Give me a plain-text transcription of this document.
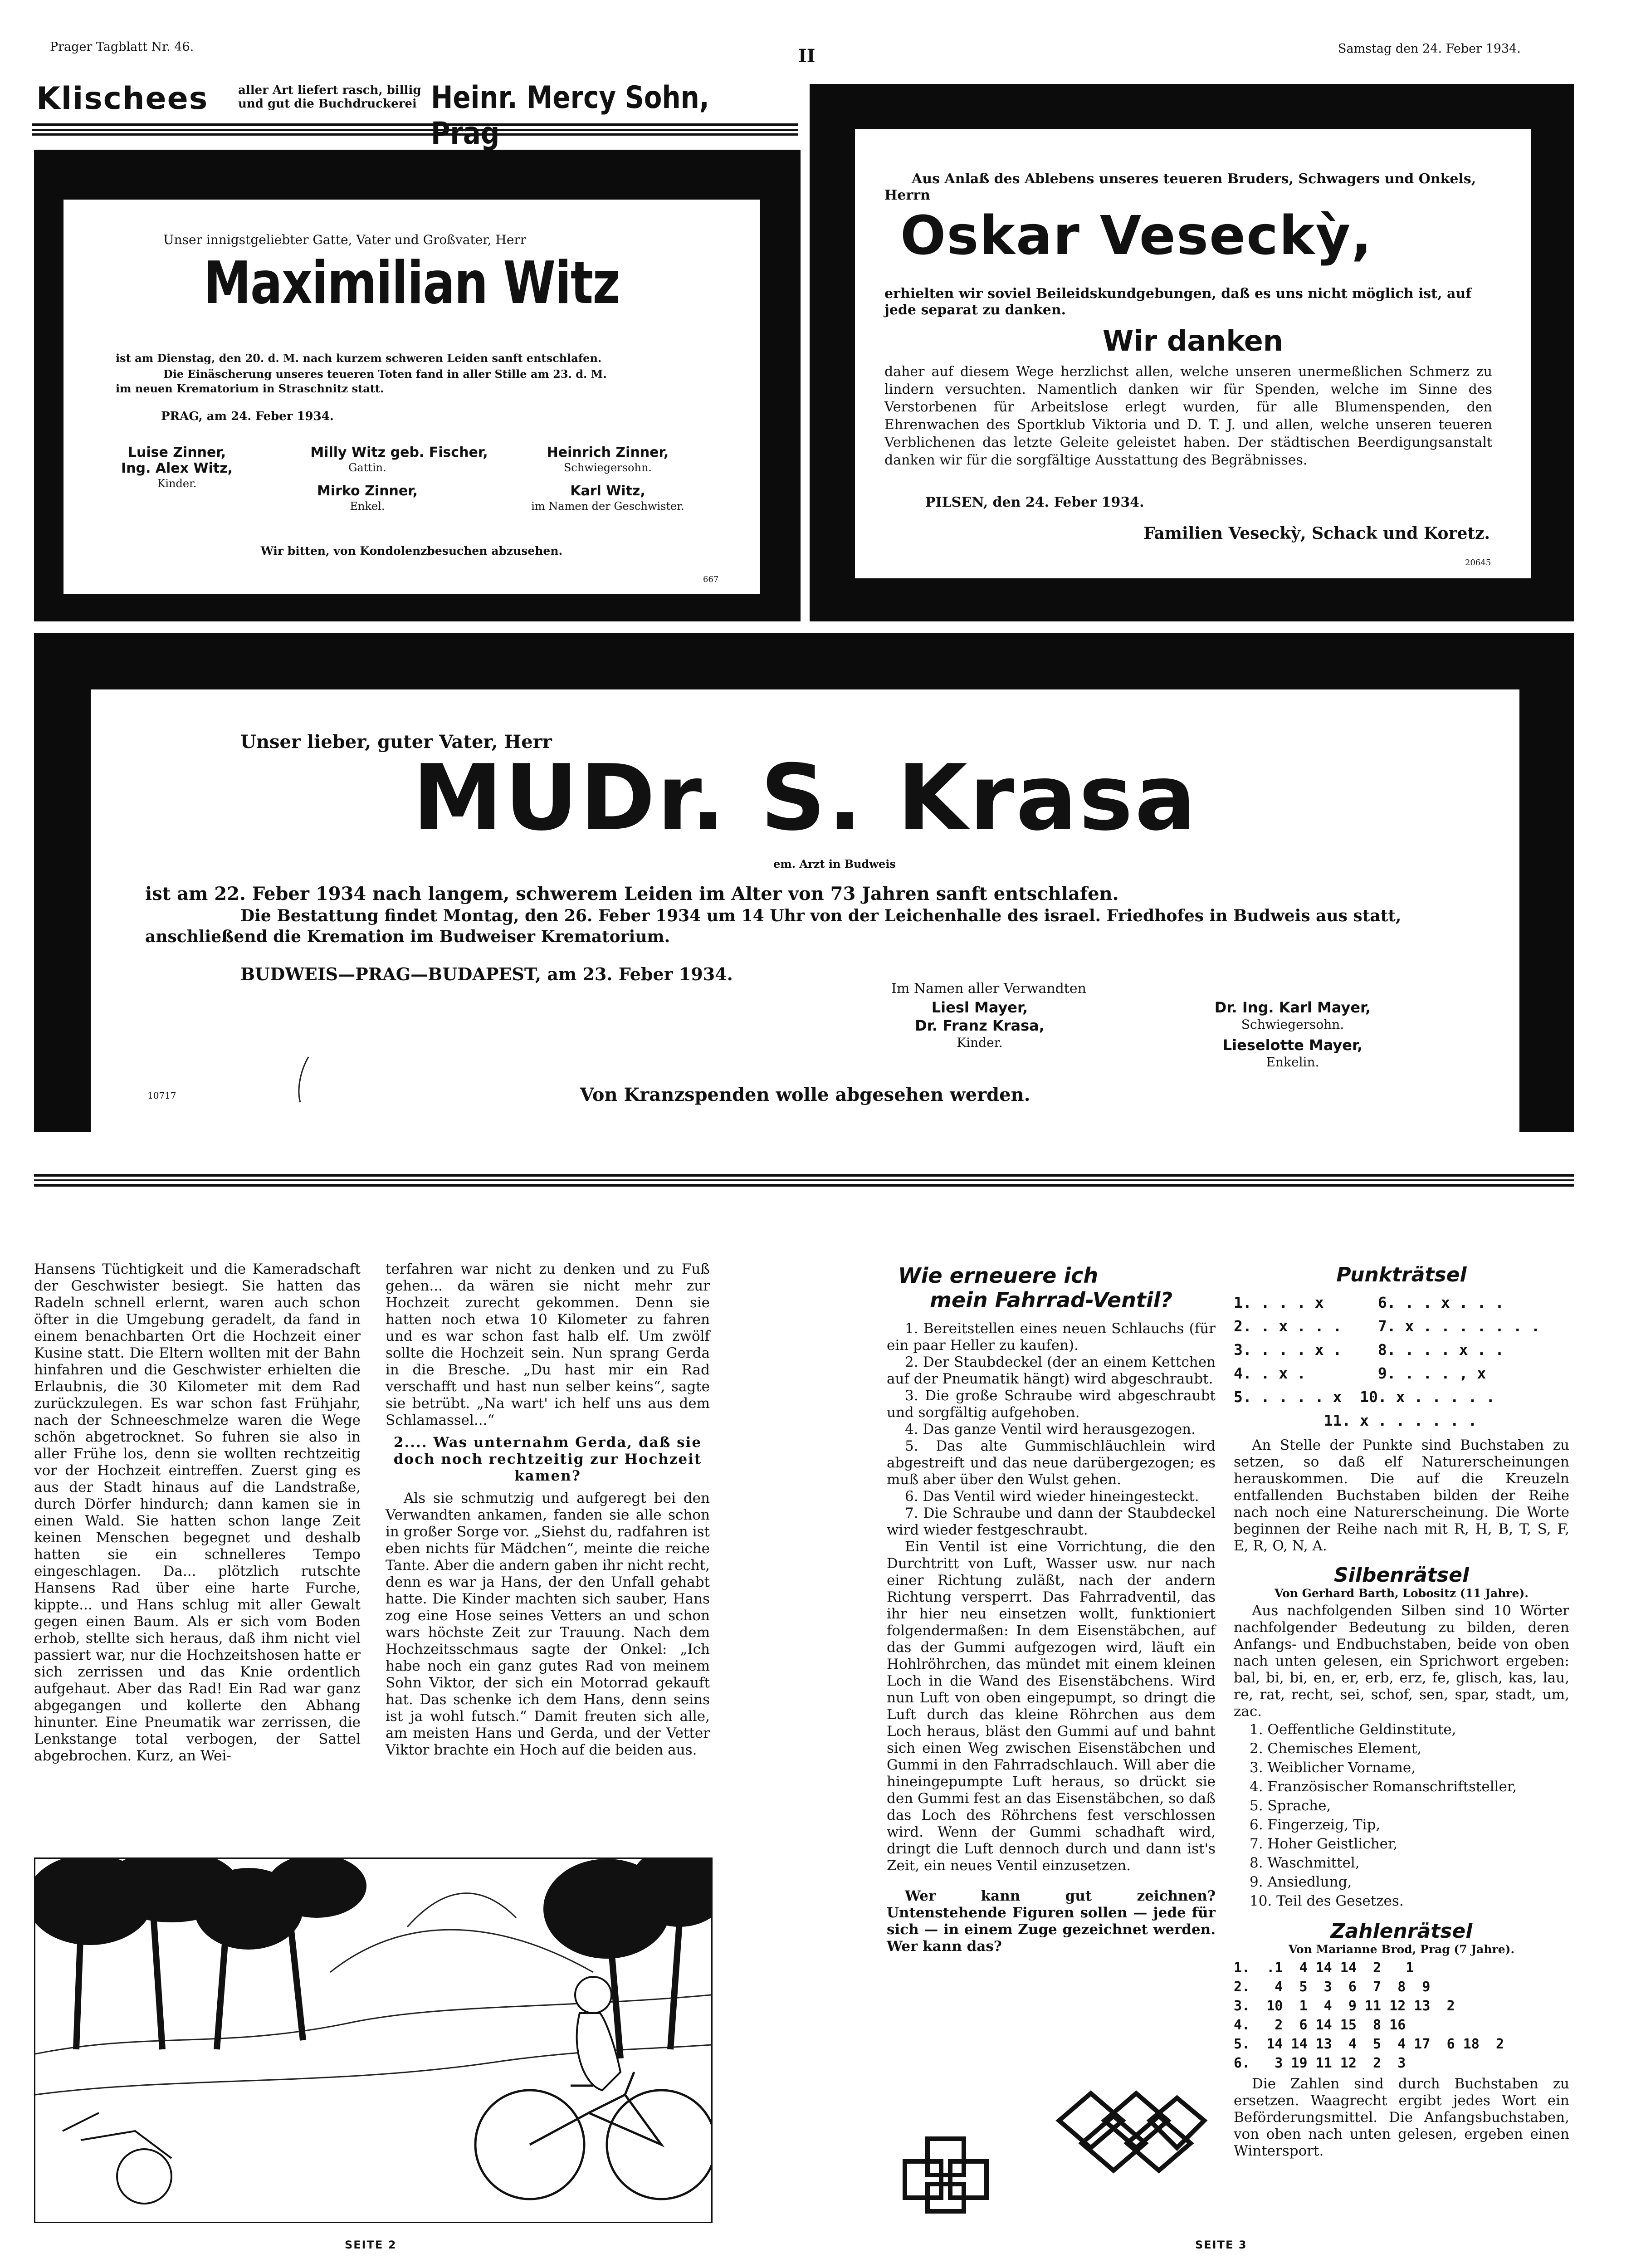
Prager Tagblatt Nr. 46.	II	Samstag den 24. Feber 1934.
Klischees	aller Art liefert rasch, billig
und gut die Buchdruckerei Heinr. Mercy Sohn,
Unser innigstgeliebter Gatte, Vater und Großvater, Herr
Maximilian Witz
ist am Dienstag, den 20. d. M. nach kurzem schweren Leiden sanft entschlafen.
Die Einäscherung unseres teueren Toten fand in aller Stille am 23. d. M.
im neuen Krematorium in Straschnitz statt.
PRAG, am 24. Feber 1934.
Luise Zinner,
Ing. Alex Witz,
Kinder.
Milly Witz geb. Fischer,
Gattin.
Mirko Zinner,
Enkel.
Heinrich Zinner,
Schwiegersohn.
Karl Witz,
im Namen der Geschwister.
Wir bitten, von Kondolenzbesuchen abzusehen.
667
Aus Anlaß des Ablebens unseres teueren Bruders, Schwagers und Onkels, Herrn
Oskar Veseckỳ,
erhielten wir soviel Beileidskundgebungen, daß es uns nicht möglich ist, auf jede separat zu danken.
Wir danken
daher auf diesem Wege herzlichst allen, welche unseren unermeßlichen Schmerz zu lindern versuchten. Namentlich danken wir für Spenden, welche im Sinne des Verstorbenen für Arbeitslose erlegt wurden, für alle Blumenspenden, den Ehrenwachen des Sportklub Viktoria und D. T. J. und allen, welche unseren teueren Verblichenen das letzte Geleite geleistet haben. Der städtischen Beerdigungsanstalt danken wir für die sorgfältige Ausstattung des Begräbnisses.
PILSEN, den 24. Feber 1934.
Familien Veseckỳ, Schack und Koretz.
20645
Unser lieber, guter Vater, Herr
MUDr. S. Krasa
em. Arzt in Budweis
ist am 22. Feber 1934 nach langem, schwerem Leiden im Alter von 73 Jahren sanft entschlafen.
Die Bestattung findet Montag, den 26. Feber 1934 um 14 Uhr von der Leichenhalle des israel. Friedhofes in Budweis aus statt,
anschließend die Kremation im Budweiser Krematorium.
BUDWEIS—PRAG—BUDAPEST, am 23. Feber 1934.
Im Namen aller Verwandten
Liesl Mayer,
Dr. Franz Krasa,
Kinder.
Dr. Ing. Karl Mayer,
Schwiegersohn.
Lieselotte Mayer,
Enkelin.
10717	Von Kranzspenden wolle abgesehen werden.

Hansens Tüchtigkeit und die Kameradschaft der Geschwister besiegt. Sie hatten das Radeln schnell erlernt, waren auch schon öfter in die Umgebung geradelt, da fand in einem benachbarten Ort die Hochzeit einer Kusine statt. Die Eltern wollten mit der Bahn hinfahren und die Geschwister erhielten die Erlaubnis, die 30 Kilometer mit dem Rad zurückzulegen. Es war schon fast Frühjahr, nach der Schneeschmelze waren die Wege schön abgetrocknet. So fuhren sie also in aller Frühe los, denn sie wollten rechtzeitig vor der Hochzeit eintreffen. Zuerst ging es aus der Stadt hinaus auf die Landstraße, durch Dörfer hindurch; dann kamen sie in einen Wald. Sie hatten schon lange Zeit keinen Menschen begegnet und deshalb hatten sie ein schnelleres Tempo eingeschlagen. Da... plötzlich rutschte Hansens Rad über eine harte Furche, kippte... und Hans schlug mit aller Gewalt gegen einen Baum. Als er sich vom Boden erhob, stellte sich heraus, daß ihm nicht viel passiert war, nur die Hochzeitshosen hatte er sich zerrissen und das Knie ordentlich aufgehaut. Aber das Rad! Ein Rad war ganz abgegangen und kollerte den Abhang hinunter. Eine Pneumatik war zerrissen, die Lenkstange total verbogen, der Sattel abgebrochen. Kurz, an Wei-

terfahren war nicht zu denken und zu Fuß gehen... da wären sie nicht mehr zur Hochzeit zurecht gekommen. Denn sie hatten noch etwa 10 Kilometer zu fahren und es war schon fast halb elf. Um zwölf sollte die Hochzeit sein. Nun sprang Gerda in die Bresche. „Du hast mir ein Rad verschafft und hast nun selber keins“, sagte sie betrübt. „Na wart' ich helf uns aus dem Schlamassel...“

2.... Was unternahm Gerda, daß sie doch noch rechtzeitig zur Hochzeit kamen?

Als sie schmutzig und aufgeregt bei den Verwandten ankamen, fanden sie alle schon in großer Sorge vor. „Siehst du, radfahren ist eben nichts für Mädchen“, meinte die reiche Tante. Aber die andern gaben ihr nicht recht, denn es war ja Hans, der den Unfall gehabt hatte. Die Kinder machten sich sauber, Hans zog eine Hose seines Vetters an und schon wars höchste Zeit zur Trauung. Nach dem Hochzeitsschmaus sagte der Onkel: „Ich habe noch ein ganz gutes Rad von meinem Sohn Viktor, der sich ein Motorrad gekauft hat. Das schenke ich dem Hans, denn seins ist ja wohl futsch.“ Damit freuten sich alle, am meisten Hans und Gerda, und der Vetter Viktor brachte ein Hoch auf die beiden aus.

Wie erneuere ich
mein Fahrrad-Ventil?

1. Bereitstellen eines neuen Schlauchs (für ein paar Heller zu kaufen).

2. Der Staubdeckel (der an einem Kettchen auf der Pneumatik hängt) wird abgeschraubt.

3. Die große Schraube wird abgeschraubt und sorgfältig aufgehoben.

4. Das ganze Ventil wird herausgezogen.

5. Das alte Gummischläuchlein wird abgestreift und das neue darübergezogen; es muß aber über den Wulst gehen.

6. Das Ventil wird wieder hineingesteckt.

7. Die Schraube und dann der Staubdeckel wird wieder festgeschraubt.

Ein Ventil ist eine Vorrichtung, die den Durchtritt von Luft, Wasser usw. nur nach einer Richtung zuläßt, nach der andern Richtung versperrt. Das Fahrradventil, das ihr hier neu einsetzen wollt, funktioniert folgendermaßen: In dem Eisenstäbchen, auf das der Gummi aufgezogen wird, läuft ein Hohlröhrchen, das mündet mit einem kleinen Loch in die Wand des Eisenstäbchens. Wird nun Luft von oben eingepumpt, so dringt die Luft durch das kleine Röhrchen aus dem Loch heraus, bläst den Gummi auf und bahnt sich einen Weg zwischen Eisenstäbchen und Gummi in den Fahrradschlauch. Will aber die hineingepumpte Luft heraus, so drückt sie den Gummi fest an das Eisenstäbchen, so daß das Loch des Röhrchens fest verschlossen wird. Wenn der Gummi schadhaft wird, dringt die Luft dennoch durch und dann ist's Zeit, ein neues Ventil einzusetzen.

Wer kann gut zeichnen? Untenstehende Figuren sollen — jede für sich — in einem Zuge gezeichnet werden. Wer kann das?

Punkträtsel
1. . . . x      6. . . x . . .
2. . x . . .    7. x . . . . . . .
3. . . . x .    8. . . . x . .
4. . x .        9. . . . , x
5. . . . . x  10. x . . . . .
11. x . . . . . .

An Stelle der Punkte sind Buchstaben zu setzen, so daß elf Naturerscheinungen herauskommen. Die auf die Kreuzeln entfallenden Buchstaben bilden der Reihe nach noch eine Naturerscheinung. Die Worte beginnen der Reihe nach mit R, H, B, T, S, F, E, R, O, N, A.

Silbenrätsel
Von Gerhard Barth, Lobositz (11 Jahre).

Aus nachfolgenden Silben sind 10 Wörter nachfolgender Bedeutung zu bilden, deren Anfangs- und Endbuchstaben, beide von oben nach unten gelesen, ein Sprichwort ergeben: bal, bi, bi, en, er, erb, erz, fe, glisch, kas, lau, re, rat, recht, sei, schof, sen, spar, stadt, um, zac.

1. Oeffentliche Geldinstitute,
2. Chemisches Element,
3. Weiblicher Vorname,
4. Französischer Romanschriftsteller,
5. Sprache,
6. Fingerzeig, Tip,
7. Hoher Geistlicher,
8. Waschmittel,
9. Ansiedlung,
10. Teil des Gesetzes.
Zahlenrätsel
Von Marianne Brod, Prag (7 Jahre).
1.  .1  4 14 14  2   1
2.   4  5  3  6  7  8  9
3.  10  1  4  9 11 12 13  2
4.   2  6 14 15  8 16
5.  14 14 13  4  5  4 17  6 18  2
6.   3 19 11 12  2  3

Die Zahlen sind durch Buchstaben zu ersetzen. Waagrecht ergibt jedes Wort ein Beförderungsmittel. Die Anfangsbuchstaben, von oben nach unten gelesen, ergeben einen Wintersport.

SEITE 2	SEITE 3
